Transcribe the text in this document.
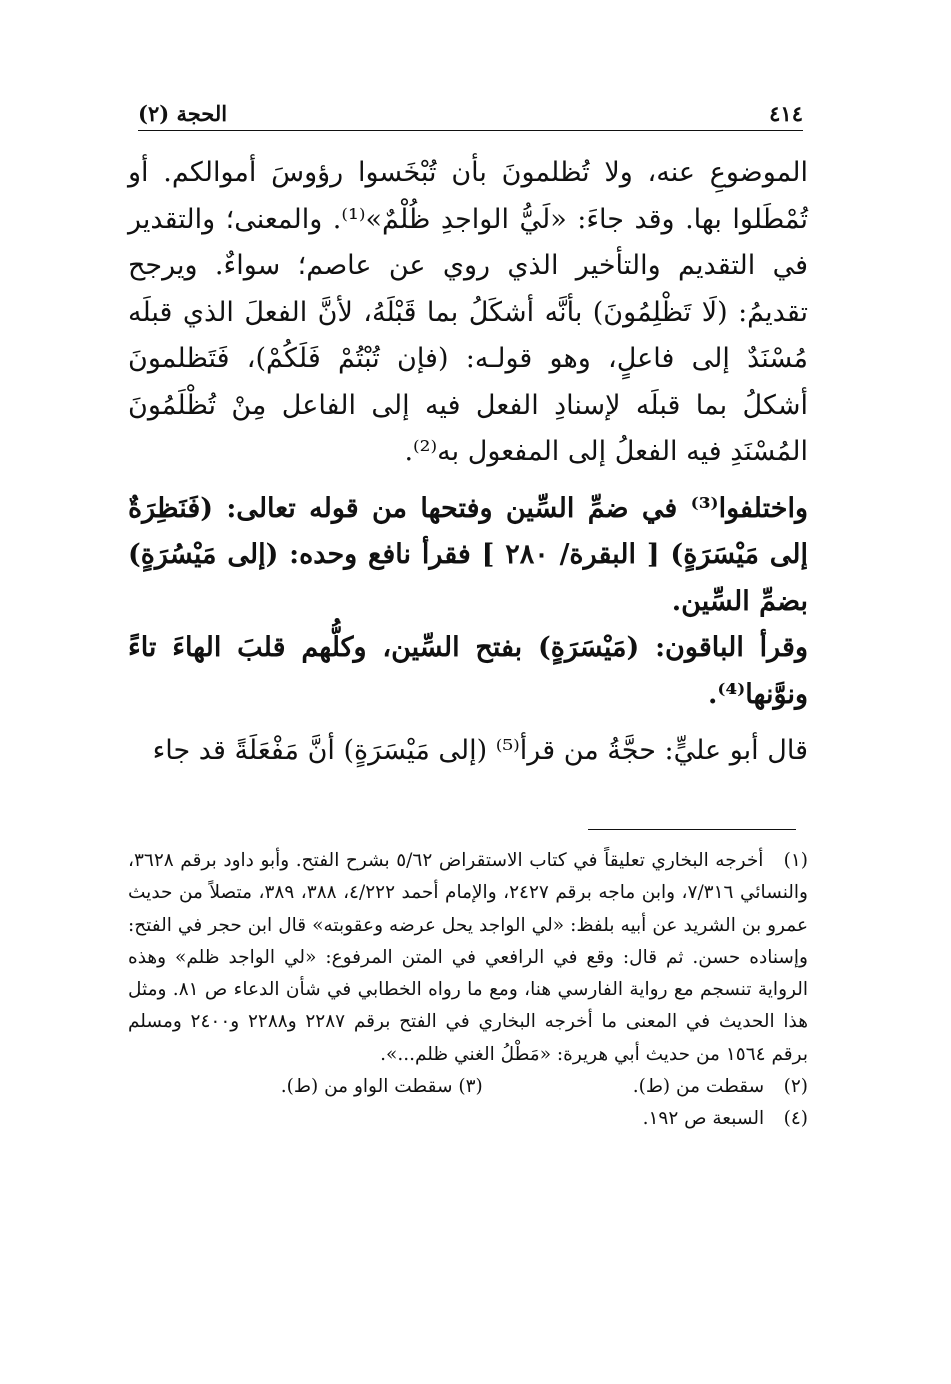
٤١٤
الحجة (٢)

الموضوعِ عنه، ولا تُظلمونَ بأن تُبْخَسوا رؤوسَ أموالكم. أو تُمْطَلوا بها. وقد جاءَ: «لَيُّ الواجدِ ظُلْمٌ»⁽¹⁾. والمعنى؛ والتقدير في التقديم والتأخير الذي روي عن عاصم؛ سواءٌ. ويرجح تقديمُ: (لَا تَظْلِمُونَ) بأنَّه أشكَلُ بما قَبْلَهُ، لأنَّ الفعلَ الذي قبلَه مُسْنَدٌ إلى فاعلٍ، وهو قولـه: (فإن تُبْتُمْ فَلَكُمْ)، فَتَظلمونَ أشكلُ بما قبلَه لإسنادِ الفعل فيه إلى الفاعل مِنْ تُظْلَمُونَ المُسْنَدِ فيه الفعلُ إلى المفعول به⁽²⁾.

واختلفوا⁽³⁾ في ضمِّ السِّين وفتحها من قوله تعالى: (فَنَظِرَةٌ إلى مَيْسَرَةٍ) [ البقرة/ ٢٨٠ ] فقرأ نافع وحده: (إلى مَيْسُرَةٍ) بضمِّ السِّين.

وقرأ الباقون: (مَيْسَرَةٍ) بفتح السِّين، وكلُّهم قلبَ الهاءَ تاءً ونوَّنها⁽⁴⁾.

قال أبو عليٍّ: حجَّةُ من قرأ⁽⁵⁾ (إلى مَيْسَرَةٍ) أنَّ مَفْعَلَةً قد جاء

(١) أخرجه البخاري تعليقاً في كتاب الاستقراض ٥/٦٢ بشرح الفتح. وأبو داود برقم ٣٦٢٨، والنسائي ٧/٣١٦، وابن ماجه برقم ٢٤٢٧، والإمام أحمد ٤/٢٢٢، ٣٨٨، ٣٨٩، متصلاً من حديث عمرو بن الشريد عن أبيه بلفظ: «لي الواجد يحل عرضه وعقوبته» قال ابن حجر في الفتح: وإسناده حسن. ثم قال: وقع في الرافعي في المتن المرفوع: «لي الواجد ظلم» وهذه الرواية تنسجم مع رواية الفارسي هنا، ومع ما رواه الخطابي في شأن الدعاء ص ٨١. ومثل هذا الحديث في المعنى ما أخرجه البخاري في الفتح برقم ٢٢٨٧ و٢٢٨٨ و٢٤٠٠ ومسلم برقم ١٥٦٤ من حديث أبي هريرة: «مَطْلُ الغني ظلم...».

(٢) سقطت من (ط).

(٣) سقطت الواو من (ط).

(٤) السبعة ص ١٩٢.
